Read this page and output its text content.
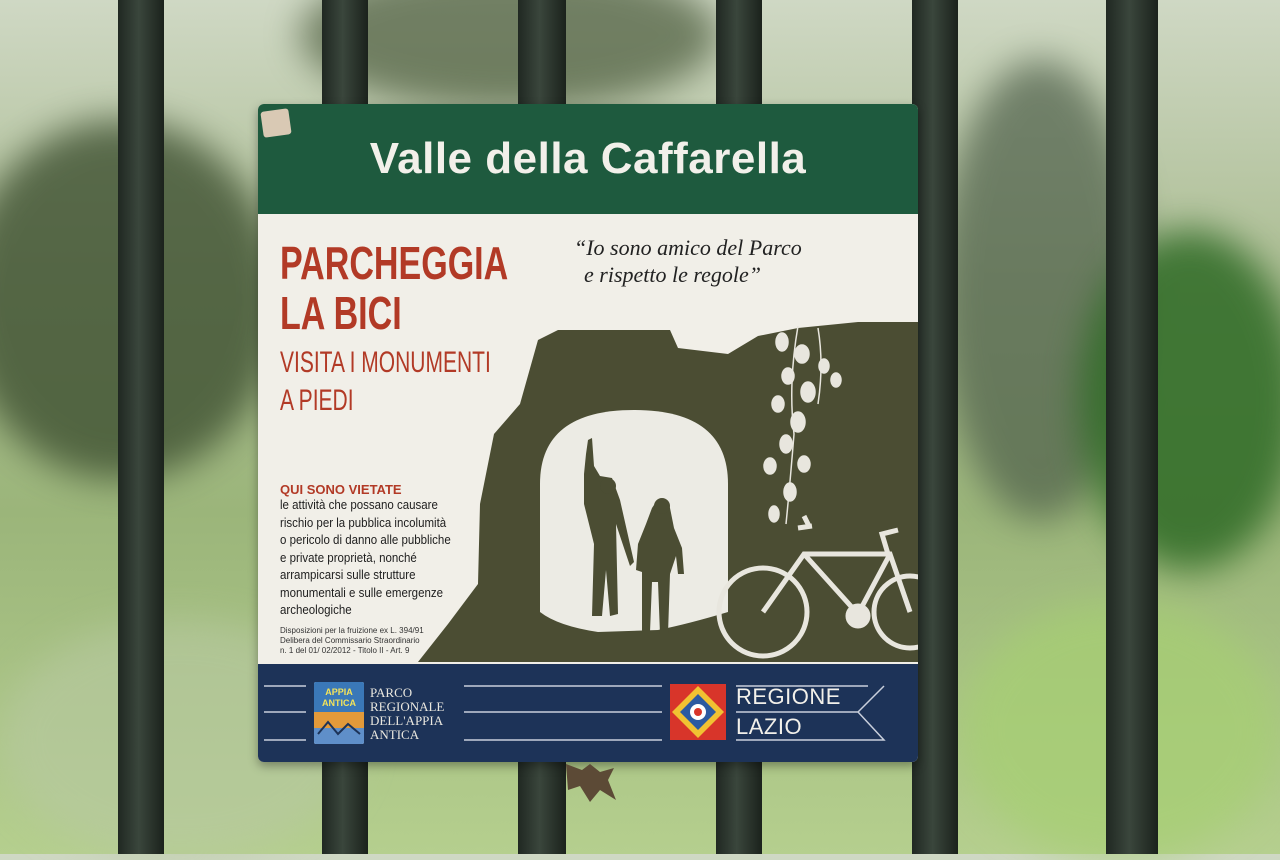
Valle della Caffarella
PARCHEGGIA
LA BICI
VISITA I MONUMENTI
A PIEDI
“Io sono amico del Parco
e rispetto le regole”
QUI SONO VIETATE
le attività che possano causare
rischio per la pubblica incolumità
o pericolo di danno alle pubbliche
e private proprietà, nonché
arrampicarsi sulle strutture
monumentali e sulle emergenze
archeologiche
Disposizioni per la fruizione ex L. 394/91
Delibera del Commissario Straordinario
n. 1 del 01/ 02/2012 - Titolo II - Art. 9
APPIA
ANTICA
PARCO
REGIONALE
DELL'APPIA
ANTICA
REGIONE
LAZIO
